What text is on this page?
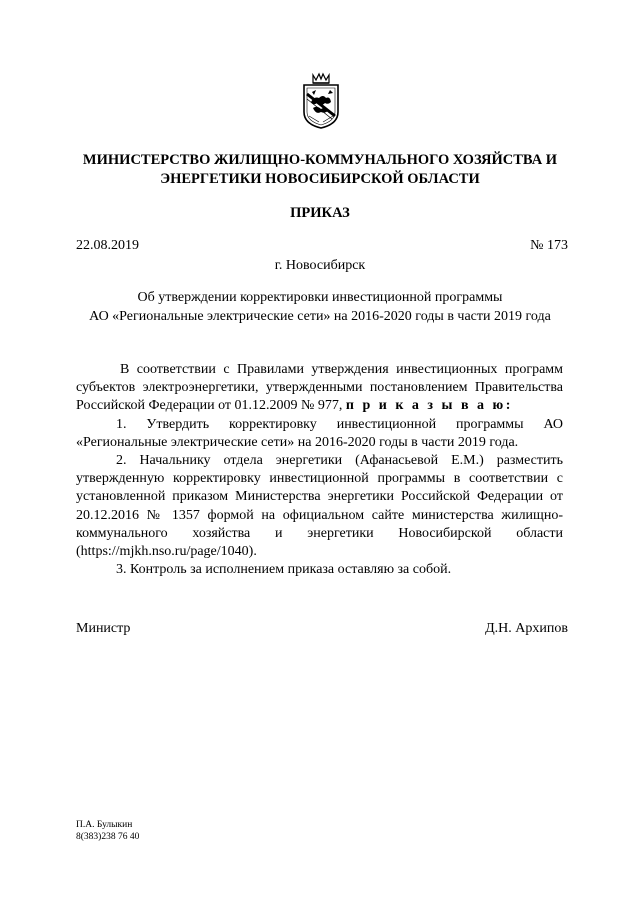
МИНИСТЕРСТВО ЖИЛИЩНО-КОММУНАЛЬНОГО ХОЗЯЙСТВА И
ЭНЕРГЕТИКИ НОВОСИБИРСКОЙ ОБЛАСТИ
ПРИКАЗ
22.08.2019	№ 173
г. Новосибирск
Об утверждении корректировки инвестиционной программы
АО «Региональные электрические сети» на 2016-2020 годы в части 2019 года

В соответствии с Правилами утверждения инвестиционных программ субъектов электроэнергетики, утвержденными постановлением Правительства Российской Федерации от 01.12.2009 № 977, п р и к а з ы в а ю:

1. Утвердить корректировку инвестиционной программы АО «Региональные электрические сети» на 2016-2020 годы в части 2019 года.

2. Начальнику отдела энергетики (Афанасьевой Е.М.) разместить утвержденную корректировку инвестиционной программы в соответствии с установленной приказом Министерства энергетики Российской Федерации от 20.12.2016 № 1357 формой на официальном сайте министерства жилищно-коммунального хозяйства и энергетики Новосибирской области (https://mjkh.nso.ru/page/1040).

3. Контроль за исполнением приказа оставляю за собой.

Министр	Д.Н. Архипов
П.А. Булыкин
8(383)238 76 40
